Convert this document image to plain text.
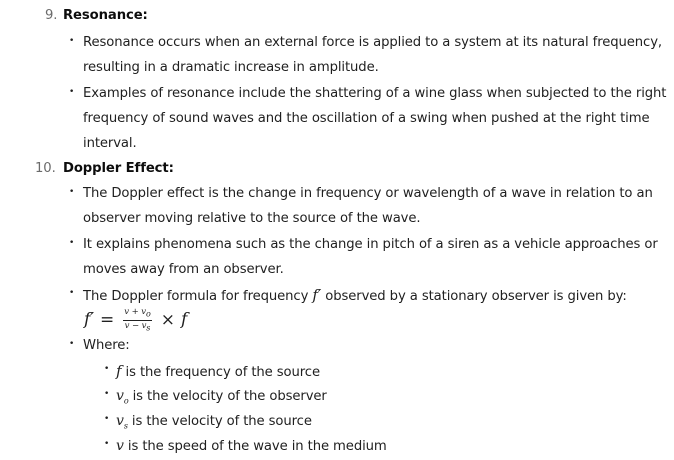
9. Resonance:
• Resonance occurs when an external force is applied to a system at its natural frequency,
resulting in a dramatic increase in amplitude.
• Examples of resonance include the shattering of a wine glass when subjected to the right
frequency of sound waves and the oscillation of a swing when pushed at the right time
interval.
10. Doppler Effect:
• The Doppler effect is the change in frequency or wavelength of a wave in relation to an
observer moving relative to the source of the wave.
• It explains phenomena such as the change in pitch of a siren as a vehicle approaches or
moves away from an observer.
• The Doppler formula for frequency f′ observed by a stationary observer is given by:
$f' = \frac{v + v_o}{v - v_s} \times f$
• Where:
• f is the frequency of the source
• $v_o$ is the velocity of the observer
• $v_s$ is the velocity of the source
• v is the speed of the wave in the medium
